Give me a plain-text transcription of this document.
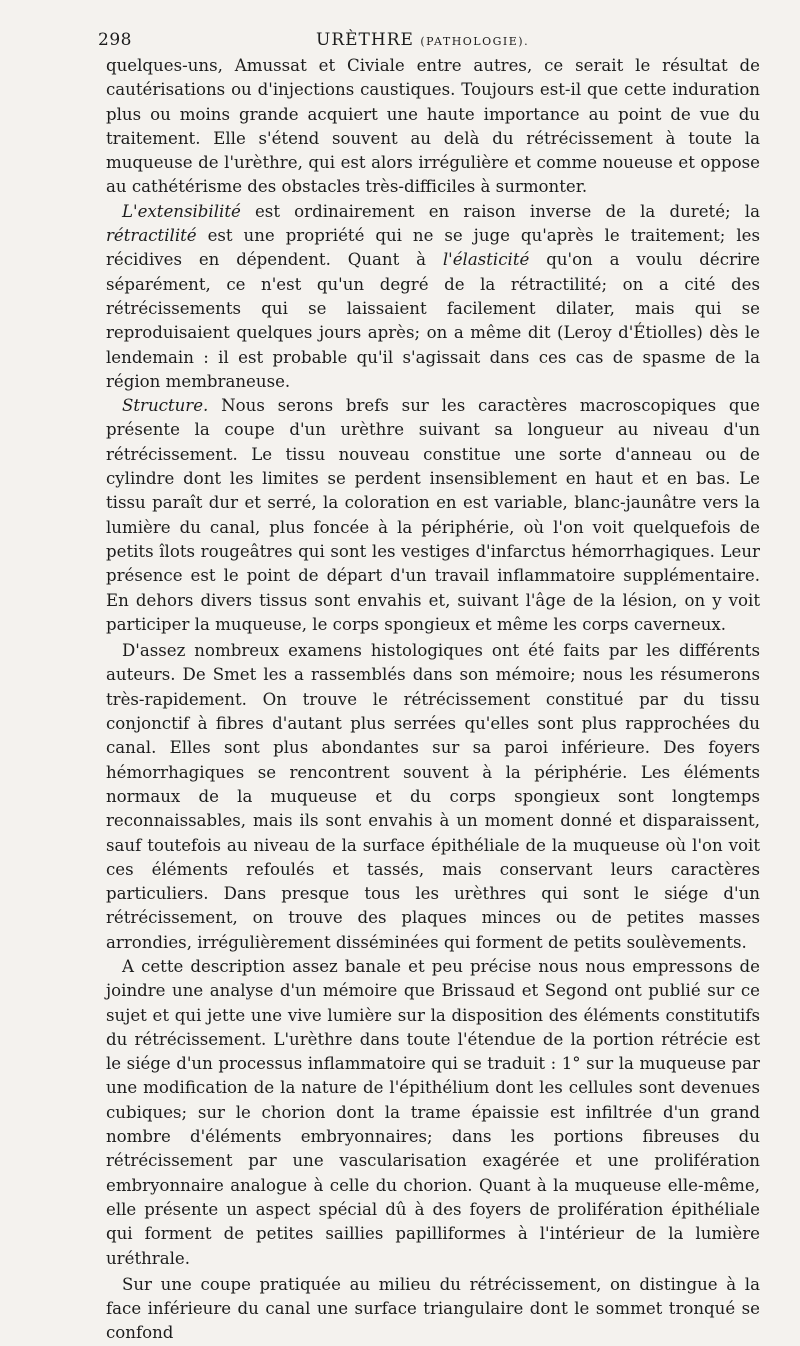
298	URÈTHRE (PATHOLOGIE).

quelques-uns, Amussat et Civiale entre autres, ce serait le résultat de cautérisations ou d'injections caustiques. Toujours est-il que cette induration plus ou moins grande acquiert une haute importance au point de vue du traitement. Elle s'étend souvent au delà du rétrécissement à toute la muqueuse de l'urèthre, qui est alors irrégulière et comme noueuse et oppose au cathétérisme des obstacles très-difficiles à surmonter.

L'extensibilité est ordinairement en raison inverse de la dureté; la rétractilité est une propriété qui ne se juge qu'après le traitement; les récidives en dépendent. Quant à l'élasticité qu'on a voulu décrire séparément, ce n'est qu'un degré de la rétractilité; on a cité des rétrécissements qui se laissaient facilement dilater, mais qui se reproduisaient quelques jours après; on a même dit (Leroy d'Étiolles) dès le lendemain : il est probable qu'il s'agissait dans ces cas de spasme de la région membraneuse.

Structure. Nous serons brefs sur les caractères macroscopiques que présente la coupe d'un urèthre suivant sa longueur au niveau d'un rétrécissement. Le tissu nouveau constitue une sorte d'anneau ou de cylindre dont les limites se perdent insensiblement en haut et en bas. Le tissu paraît dur et serré, la coloration en est variable, blanc-jaunâtre vers la lumière du canal, plus foncée à la périphérie, où l'on voit quelquefois de petits îlots rougeâtres qui sont les vestiges d'infarctus hémorrhagiques. Leur présence est le point de départ d'un travail inflammatoire supplémentaire. En dehors divers tissus sont envahis et, suivant l'âge de la lésion, on y voit participer la muqueuse, le corps spongieux et même les corps caverneux.

D'assez nombreux examens histologiques ont été faits par les différents auteurs. De Smet les a rassemblés dans son mémoire; nous les résumerons très-rapidement. On trouve le rétrécissement constitué par du tissu conjonctif à fibres d'autant plus serrées qu'elles sont plus rapprochées du canal. Elles sont plus abondantes sur sa paroi inférieure. Des foyers hémorrhagiques se rencontrent souvent à la périphérie. Les éléments normaux de la muqueuse et du corps spongieux sont longtemps reconnaissables, mais ils sont envahis à un moment donné et disparaissent, sauf toutefois au niveau de la surface épithéliale de la muqueuse où l'on voit ces éléments refoulés et tassés, mais conservant leurs caractères particuliers. Dans presque tous les urèthres qui sont le siége d'un rétrécissement, on trouve des plaques minces ou de petites masses arrondies, irrégulièrement disséminées qui forment de petits soulèvements.

A cette description assez banale et peu précise nous nous empressons de joindre une analyse d'un mémoire que Brissaud et Segond ont publié sur ce sujet et qui jette une vive lumière sur la disposition des éléments constitutifs du rétrécissement. L'urèthre dans toute l'étendue de la portion rétrécie est le siége d'un processus inflammatoire qui se traduit : 1° sur la muqueuse par une modification de la nature de l'épithélium dont les cellules sont devenues cubiques; sur le chorion dont la trame épaissie est infiltrée d'un grand nombre d'éléments embryonnaires; dans les portions fibreuses du rétrécissement par une vascularisation exagérée et une prolifération embryonnaire analogue à celle du chorion. Quant à la muqueuse elle-même, elle présente un aspect spécial dû à des foyers de prolifération épithéliale qui forment de petites saillies papilliformes à l'intérieur de la lumière uréthrale.

Sur une coupe pratiquée au milieu du rétrécissement, on distingue à la face inférieure du canal une surface triangulaire dont le sommet tronqué se confond
